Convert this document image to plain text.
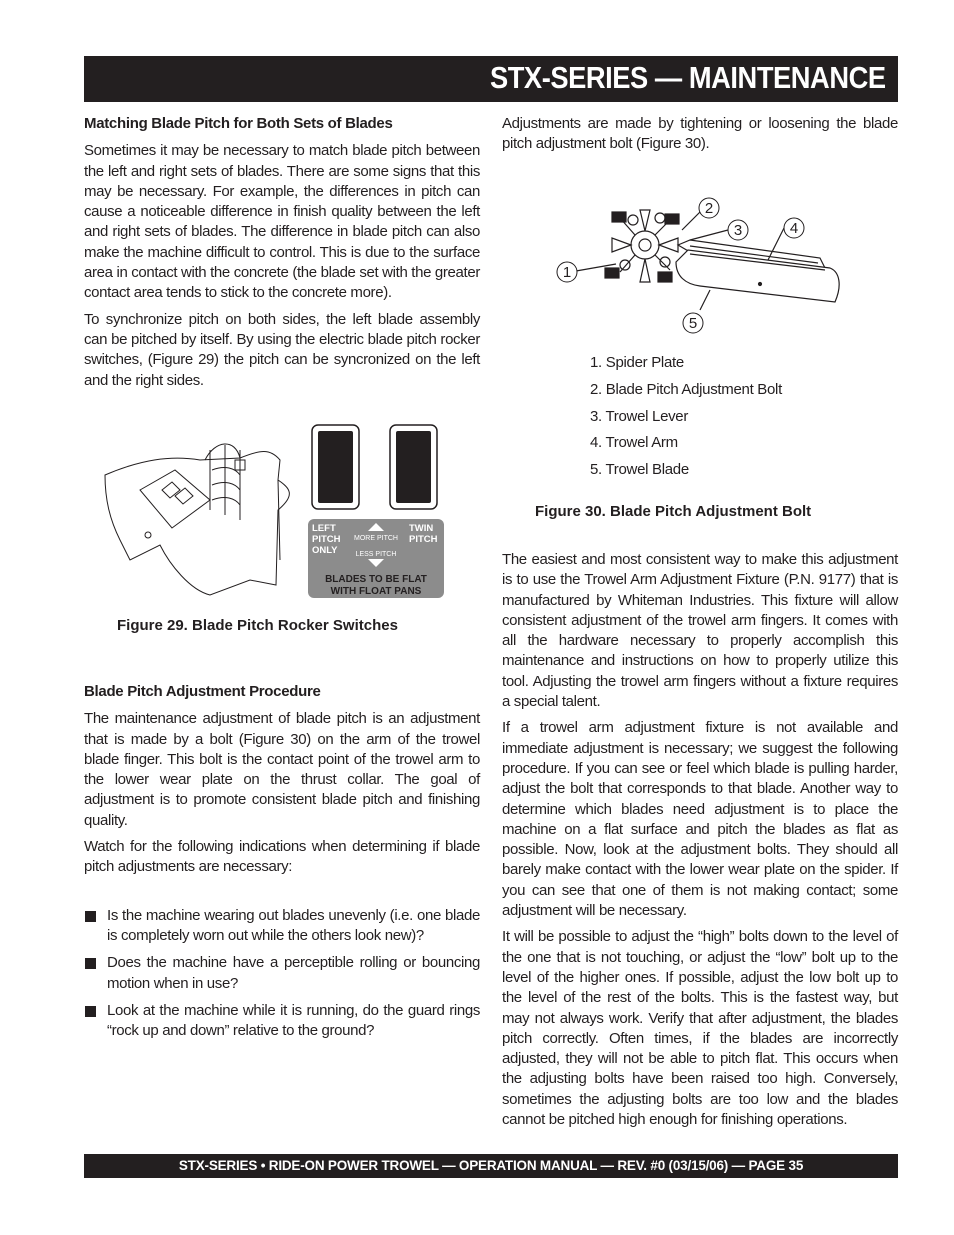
STX-SERIES — MAINTENANCE
Matching Blade Pitch for Both Sets of Blades

Sometimes it may be necessary to match blade pitch between the left and right sets of blades. There are some signs that this may be necessary. For example, the differences in pitch can cause a noticeable difference in finish quality between the left and right sets of blades. The difference in blade pitch can also make the machine difficult to control. This is due to the surface area in contact with the concrete (the blade set with the greater contact area tends to stick to the concrete more).

To synchronize pitch on both sides, the left blade assembly can be pitched by itself. By using the electric blade pitch rocker switches, (Figure 29) the pitch can be syncronized on the left and the right sides.

LEFT PITCH ONLY
MORE PITCH
LESS PITCH
TWIN PITCH
BLADES TO BE FLAT WITH FLOAT PANS
Figure 29. Blade Pitch Rocker Switches
Blade Pitch Adjustment Procedure

The maintenance adjustment of blade pitch is an adjustment that is made by a bolt (Figure 30) on the arm of the trowel blade finger. This bolt is the contact point of the trowel arm to the lower wear plate on the thrust collar. The goal of adjustment is to promote consistent blade pitch and finishing quality.

Watch for the following indications when determining if blade pitch adjustments are necessary:

Is the machine wearing out blades unevenly (i.e. one blade is completely worn out while the others look new)?
Does the machine have a perceptible rolling or bouncing motion when in use?
Look at the machine while it is running, do the guard rings “rock up and down” relative to the ground?

Adjustments are made by tightening or loosening the blade pitch adjustment bolt (Figure 30).

1
2
3	4
5
1. Spider Plate
2. Blade Pitch Adjustment Bolt
3. Trowel Lever
4. Trowel Arm
5. Trowel Blade
Figure 30. Blade Pitch Adjustment Bolt

The easiest and most consistent way to make this adjustment is to use the Trowel Arm Adjustment Fixture (P.N. 9177) that is manufactured by Whiteman Industries. This fixture will allow consistent adjustment of the trowel arm fingers. It comes with all the hardware necessary to properly accomplish this maintenance and instructions on how to properly utilize this tool. Adjusting the trowel arm fingers without a fixture requires a special talent.

If a trowel arm adjustment fixture is not available and immediate adjustment is necessary; we suggest the following procedure. If you can see or feel which blade is pulling harder, adjust the bolt that corresponds to that blade. Another way to determine which blades need adjustment is to place the machine on a flat surface and pitch the blades as flat as possible. Now, look at the adjustment bolts. They should all barely make contact with the lower wear plate on the spider. If you can see that one of them is not making contact; some adjustment will be necessary.

It will be possible to adjust the “high” bolts down to the level of the one that is not touching, or adjust the “low” bolt up to the level of the higher ones. If possible, adjust the low bolt up to the level of the rest of the bolts. This is the fastest way, but may not always work. Verify that after adjustment, the blades pitch correctly. Often times, if the blades are incorrectly adjusted, they will not be able to pitch flat. This occurs when the adjusting bolts have been raised too high. Conversely, sometimes the adjusting bolts are too low and the blades cannot be pitched high enough for finishing operations.

STX-SERIES • RIDE-ON POWER TROWEL — OPERATION MANUAL — REV. #0 (03/15/06) — PAGE 35
